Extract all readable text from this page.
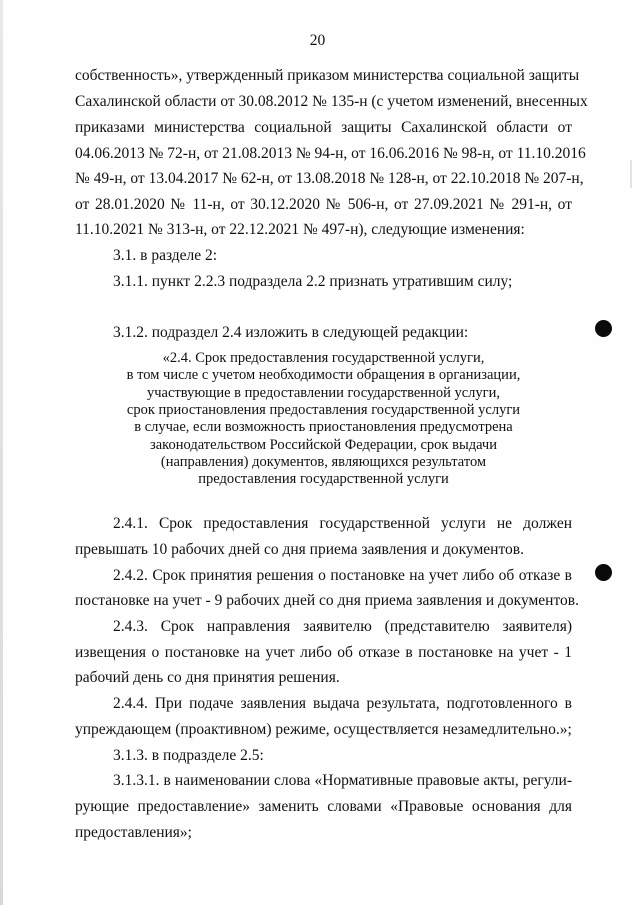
20
собственность», утвержденный приказом министерства социальной защиты
Сахалинской области от 30.08.2012 № 135-н (с учетом изменений, внесенных
приказами министерства социальной защиты Сахалинской области от
04.06.2013 № 72-н, от 21.08.2013 № 94-н, от 16.06.2016 № 98-н, от 11.10.2016
№ 49-н, от 13.04.2017 № 62-н, от 13.08.2018 № 128-н, от 22.10.2018 № 207-н,
от 28.01.2020 № 11-н, от 30.12.2020 № 506-н, от 27.09.2021 № 291-н, от
11.10.2021 № 313-н, от 22.12.2021 № 497-н), следующие изменения:
3.1. в разделе 2:
3.1.1. пункт 2.2.3 подраздела 2.2 признать утратившим силу;
3.1.2. подраздел 2.4 изложить в следующей редакции:
«2.4. Срок предоставления государственной услуги,
в том числе с учетом необходимости обращения в организации,
участвующие в предоставлении государственной услуги,
срок приостановления предоставления государственной услуги
в случае, если возможность приостановления предусмотрена
законодательством Российской Федерации, срок выдачи
(направления) документов, являющихся результатом
предоставления государственной услуги
2.4.1. Срок предоставления государственной услуги не должен
превышать 10 рабочих дней со дня приема заявления и документов.
2.4.2. Срок принятия решения о постановке на учет либо об отказе в
постановке на учет - 9 рабочих дней со дня приема заявления и документов.
2.4.3. Срок направления заявителю (представителю заявителя)
извещения о постановке на учет либо об отказе в постановке на учет - 1
рабочий день со дня принятия решения.
2.4.4. При подаче заявления выдача результата, подготовленного в
упреждающем (проактивном) режиме, осуществляется незамедлительно.»;
3.1.3. в подразделе 2.5:
3.1.3.1. в наименовании слова «Нормативные правовые акты, регули-
рующие предоставление» заменить словами «Правовые основания для
предоставления»;
